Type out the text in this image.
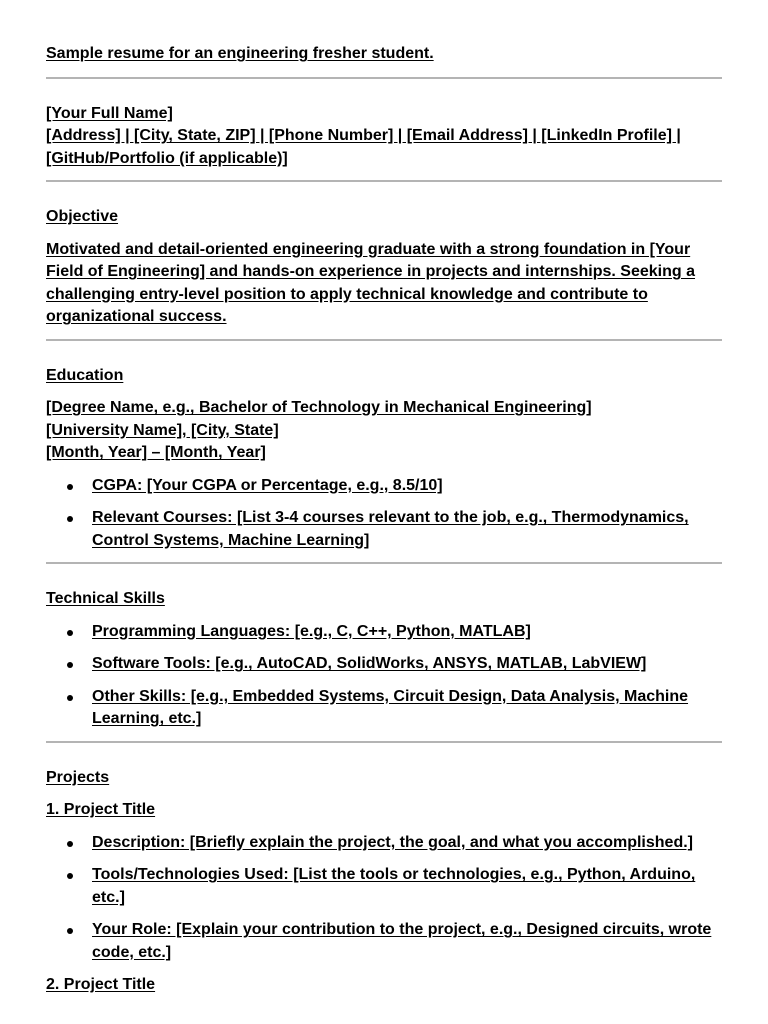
Sample resume for an engineering fresher student.
[Your Full Name]
[Address] | [City, State, ZIP] | [Phone Number] | [Email Address] | [LinkedIn Profile] |
[GitHub/Portfolio (if applicable)]
Objective
Motivated and detail-oriented engineering graduate with a strong foundation in [Your
Field of Engineering] and hands-on experience in projects and internships. Seeking a
challenging entry-level position to apply technical knowledge and contribute to
organizational success.
Education
[Degree Name, e.g., Bachelor of Technology in Mechanical Engineering]
[University Name], [City, State]
[Month, Year] – [Month, Year]
CGPA: [Your CGPA or Percentage, e.g., 8.5/10]
Relevant Courses: [List 3-4 courses relevant to the job, e.g., Thermodynamics,
Control Systems, Machine Learning]
Technical Skills
Programming Languages: [e.g., C, C++, Python, MATLAB]
Software Tools: [e.g., AutoCAD, SolidWorks, ANSYS, MATLAB, LabVIEW]
Other Skills: [e.g., Embedded Systems, Circuit Design, Data Analysis, Machine
Learning, etc.]
Projects
1. Project Title
Description: [Briefly explain the project, the goal, and what you accomplished.]
Tools/Technologies Used: [List the tools or technologies, e.g., Python, Arduino, etc.]
Your Role: [Explain your contribution to the project, e.g., Designed circuits, wrote
code, etc.]
2. Project Title
